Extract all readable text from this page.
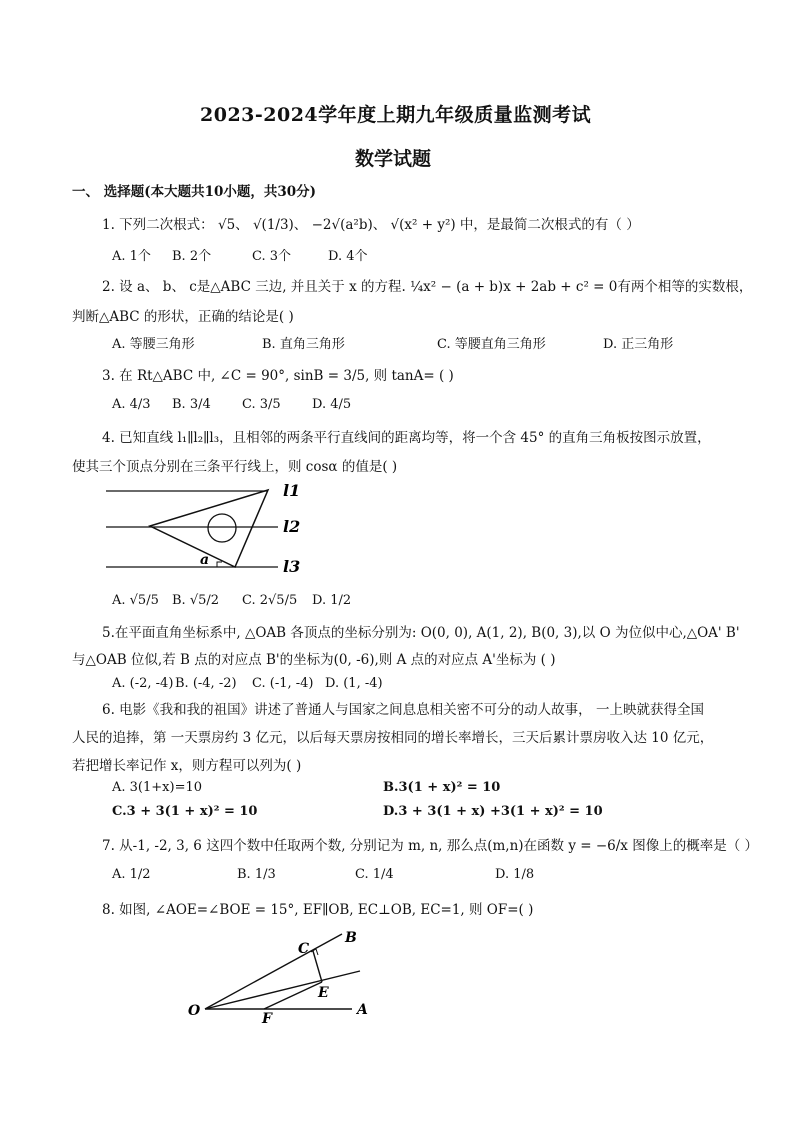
2023-2024学年度上期九年级质量监测考试
数学试题
一、 选择题(本大题共10小题，共30分)
1. 下列二次根式： √5、 √(1/3)、 −2√(a²b)、 √(x² + y²) 中，是最简二次根式的有（ ）
A. 1个 B. 2个	C. 3个	D. 4个
2. 设 a、 b、 c是△ABC 三边, 并且关于 x 的方程. ¼x² − (a + b)x + 2ab + c² = 0有两个相等的实数根，
判断△ABC 的形状，正确的结论是( )
A. 等腰三角形	B. 直角三角形	C. 等腰直角三角形	D. 正三角形
3. 在 Rt△ABC 中, ∠C = 90°, sinB = 3/5, 则 tanA= ( )
A. 4/3 B. 3/4 C. 3/5 D. 4/5
4. 已知直线 l₁∥l₂∥l₃，且相邻的两条平行直线间的距离均等，将一个含 45° 的直角三角板按图示放置，
使其三个顶点分别在三条平行线上，则 cosα 的值是( )
l1
l2
l3
a
A. √5/5 B. √5/2 C. 2√5/5 D. 1/2
5.在平面直角坐标系中, △OAB 各顶点的坐标分别为: O(0, 0), A(1, 2), B(0, 3),以 O 为位似中心,△OA' B'
与△OAB 位似,若 B 点的对应点 B'的坐标为(0, -6),则 A 点的对应点 A'坐标为 ( )
A. (-2, -4) B. (-4, -2) C. (-1, -4) D. (1, -4)
6. 电影《我和我的祖国》讲述了普通人与国家之间息息相关密不可分的动人故事， 一上映就获得全国
人民的追捧，第 一天票房约 3 亿元，以后每天票房按相同的增长率增长，三天后累计票房收入达 10 亿元，
若把增长率记作 x，则方程可以列为( )
A. 3(1+x)=10	B.3(1 + x)² = 10
C.3 + 3(1 + x)² = 10	D.3 + 3(1 + x) +3(1 + x)² = 10
7. 从-1, -2, 3, 6 这四个数中任取两个数, 分别记为 m, n, 那么点(m,n)在函数 y = −6/x 图像上的概率是（ ）
A. 1/2	B. 1/3	C. 1/4	D. 1/8
8. 如图, ∠AOE=∠BOE = 15°, EF∥OB, EC⊥OB, EC=1, 则 OF=( )
B
C
E
O	F
A
